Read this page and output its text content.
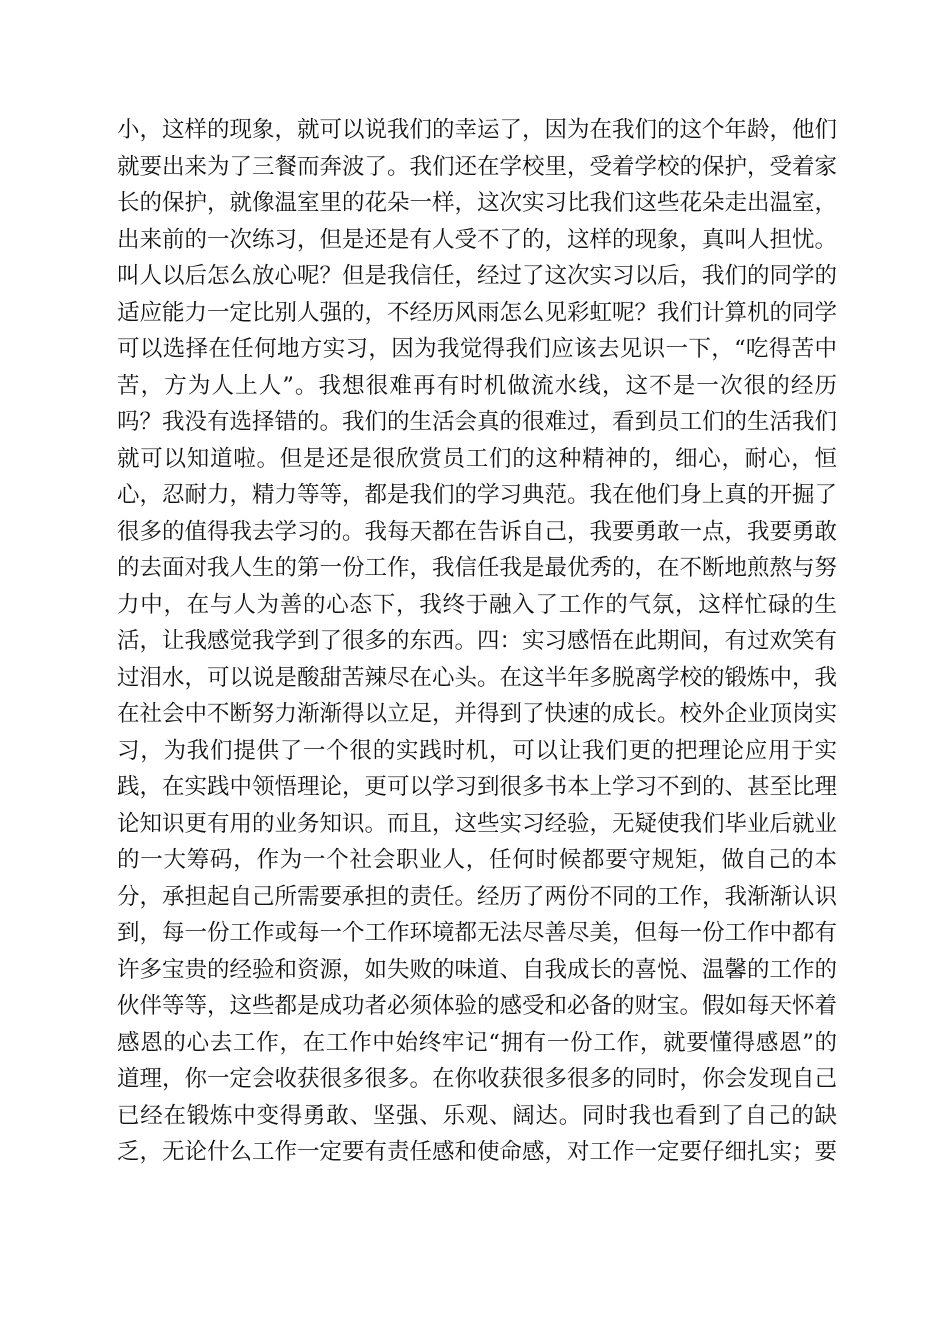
小，这样的现象，就可以说我们的幸运了，因为在我们的这个年龄，他们
就要出来为了三餐而奔波了。我们还在学校里，受着学校的保护，受着家
长的保护，就像温室里的花朵一样，这次实习比我们这些花朵走出温室，
出来前的一次练习，但是还是有人受不了的，这样的现象，真叫人担忧。
叫人以后怎么放心呢？但是我信任，经过了这次实习以后，我们的同学的
适应能力一定比别人强的，不经历风雨怎么见彩虹呢？我们计算机的同学
可以选择在任何地方实习，因为我觉得我们应该去见识一下，“吃得苦中
苦，方为人上人”。我想很难再有时机做流水线，这不是一次很的经历
吗？我没有选择错的。我们的生活会真的很难过，看到员工们的生活我们
就可以知道啦。但是还是很欣赏员工们的这种精神的，细心，耐心，恒
心，忍耐力，精力等等，都是我们的学习典范。我在他们身上真的开掘了
很多的值得我去学习的。我每天都在告诉自己，我要勇敢一点，我要勇敢
的去面对我人生的第一份工作，我信任我是最优秀的，在不断地煎熬与努
力中，在与人为善的心态下，我终于融入了工作的气氛，这样忙碌的生
活，让我感觉我学到了很多的东西。四：实习感悟在此期间，有过欢笑有
过泪水，可以说是酸甜苦辣尽在心头。在这半年多脱离学校的锻炼中，我
在社会中不断努力渐渐得以立足，并得到了快速的成长。校外企业顶岗实
习，为我们提供了一个很的实践时机，可以让我们更的把理论应用于实
践，在实践中领悟理论，更可以学习到很多书本上学习不到的、甚至比理
论知识更有用的业务知识。而且，这些实习经验，无疑使我们毕业后就业
的一大筹码，作为一个社会职业人，任何时候都要守规矩，做自己的本
分，承担起自己所需要承担的责任。经历了两份不同的工作，我渐渐认识
到，每一份工作或每一个工作环境都无法尽善尽美，但每一份工作中都有
许多宝贵的经验和资源，如失败的味道、自我成长的喜悦、温馨的工作的
伙伴等等，这些都是成功者必须体验的感受和必备的财宝。假如每天怀着
感恩的心去工作，在工作中始终牢记“拥有一份工作，就要懂得感恩”的
道理，你一定会收获很多很多。在你收获很多很多的同时，你会发现自己
已经在锻炼中变得勇敢、坚强、乐观、阔达。同时我也看到了自己的缺
乏，无论什么工作一定要有责任感和使命感，对工作一定要仔细扎实；要
